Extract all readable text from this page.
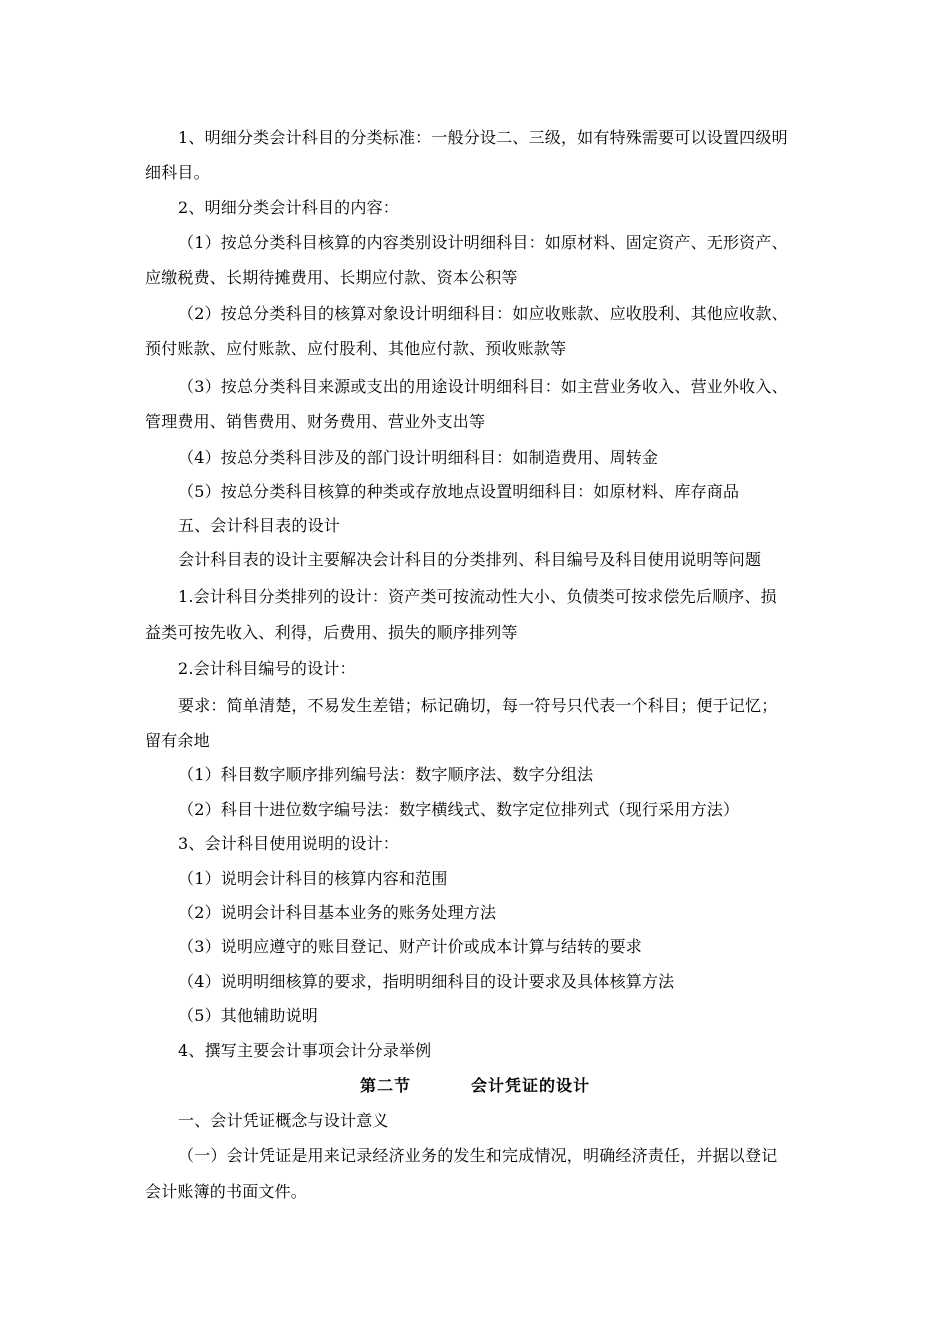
1、明细分类会计科目的分类标准：一般分设二、三级，如有特殊需要可以设置四级明
细科目。
2、明细分类会计科目的内容：
（1）按总分类科目核算的内容类别设计明细科目：如原材料、固定资产、无形资产、
应缴税费、长期待摊费用、长期应付款、资本公积等
（2）按总分类科目的核算对象设计明细科目：如应收账款、应收股利、其他应收款、
预付账款、应付账款、应付股利、其他应付款、预收账款等
（3）按总分类科目来源或支出的用途设计明细科目：如主营业务收入、营业外收入、
管理费用、销售费用、财务费用、营业外支出等
（4）按总分类科目涉及的部门设计明细科目：如制造费用、周转金
（5）按总分类科目核算的种类或存放地点设置明细科目：如原材料、库存商品
五、会计科目表的设计
会计科目表的设计主要解决会计科目的分类排列、科目编号及科目使用说明等问题
1.会计科目分类排列的设计：资产类可按流动性大小、负债类可按求偿先后顺序、损
益类可按先收入、利得，后费用、损失的顺序排列等
2.会计科目编号的设计：
要求：简单清楚，不易发生差错；标记确切，每一符号只代表一个科目；便于记忆；
留有余地
（1）科目数字顺序排列编号法：数字顺序法、数字分组法
（2）科目十进位数字编号法：数字横线式、数字定位排列式（现行采用方法）
3、会计科目使用说明的设计：
（1）说明会计科目的核算内容和范围
（2）说明会计科目基本业务的账务处理方法
（3）说明应遵守的账目登记、财产计价或成本计算与结转的要求
（4）说明明细核算的要求，指明明细科目的设计要求及具体核算方法
（5）其他辅助说明
4、撰写主要会计事项会计分录举例
第二节	会计凭证的设计
一、会计凭证概念与设计意义
（一）会计凭证是用来记录经济业务的发生和完成情况，明确经济责任，并据以登记
会计账簿的书面文件。
